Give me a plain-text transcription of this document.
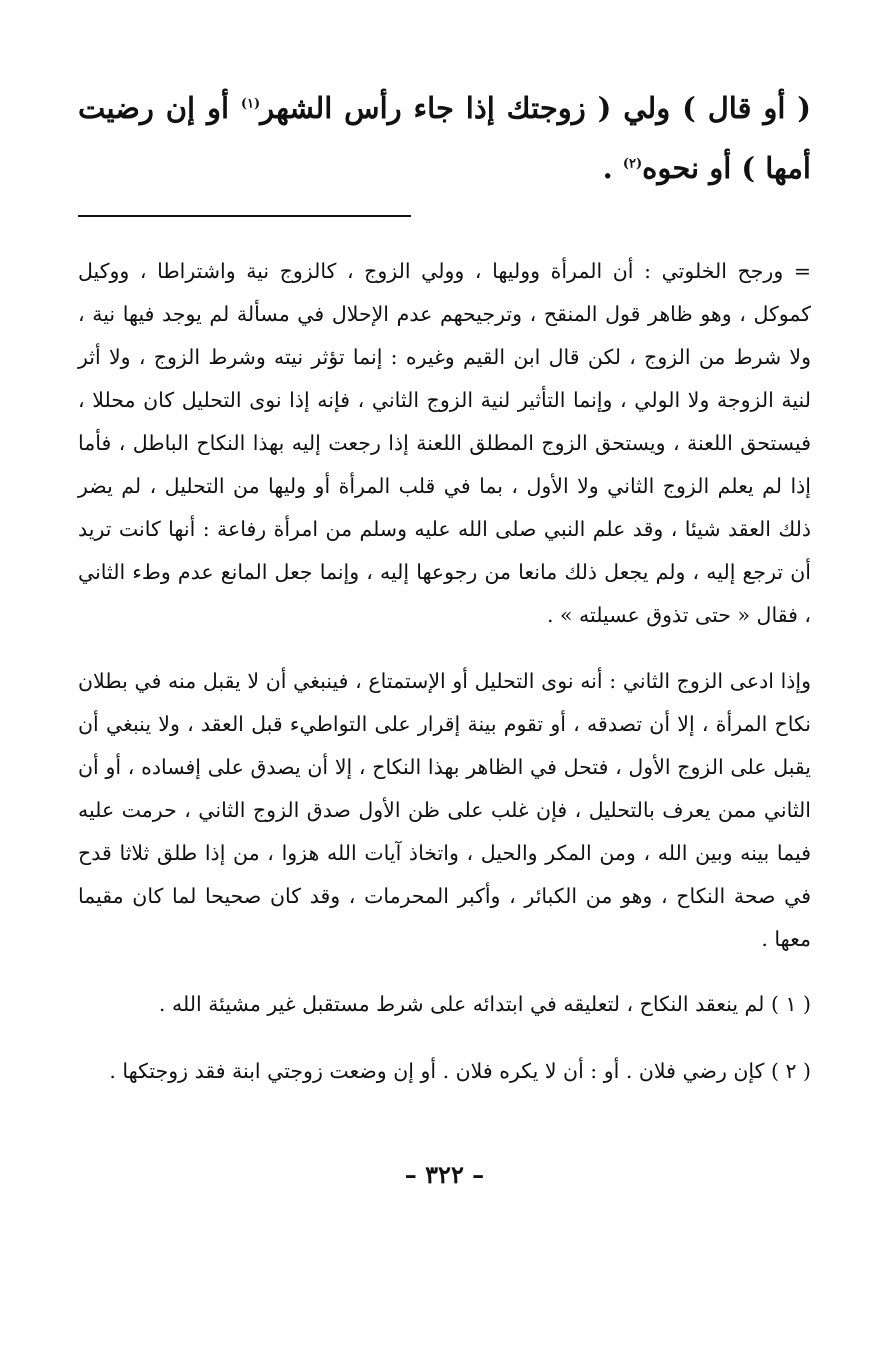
( أو قال ) ولي ( زوجتك إذا جاء رأس الشهر$^{(١)}$ أو إن رضيت أمها ) أو نحوه$^{(٢)}$ .

= ورجح الخلوتي : أن المرأة ووليها ، وولي الزوج ، كالزوج نية واشتراطا ، ووكيل كموكل ، وهو ظاهر قول المنقح ، وترجيحهم عدم الإحلال في مسألة لم يوجد فيها نية ، ولا شرط من الزوج ، لكن قال ابن القيم وغيره : إنما تؤثر نيته وشرط الزوج ، ولا أثر لنية الزوجة ولا الولي ، وإنما التأثير لنية الزوج الثاني ، فإنه إذا نوى التحليل كان محللا ، فيستحق اللعنة ، ويستحق الزوج المطلق اللعنة إذا رجعت إليه بهذا النكاح الباطل ، فأما إذا لم يعلم الزوج الثاني ولا الأول ، بما في قلب المرأة أو وليها من التحليل ، لم يضر ذلك العقد شيئا ، وقد علم النبي صلى الله عليه وسلم من امرأة رفاعة : أنها كانت تريد أن ترجع إليه ، ولم يجعل ذلك مانعا من رجوعها إليه ، وإنما جعل المانع عدم وطء الثاني ، فقال « حتى تذوق عسيلته » .

وإذا ادعى الزوج الثاني : أنه نوى التحليل أو الإستمتاع ، فينبغي أن لا يقبل منه في بطلان نكاح المرأة ، إلا أن تصدقه ، أو تقوم بينة إقرار على التواطيء قبل العقد ، ولا ينبغي أن يقبل على الزوج الأول ، فتحل في الظاهر بهذا النكاح ، إلا أن يصدق على إفساده ، أو أن الثاني ممن يعرف بالتحليل ، فإن غلب على ظن الأول صدق الزوج الثاني ، حرمت عليه فيما بينه وبين الله ، ومن المكر والحيل ، واتخاذ آيات الله هزوا ، من إذا طلق ثلاثا قدح في صحة النكاح ، وهو من الكبائر ، وأكبر المحرمات ، وقد كان صحيحا لما كان مقيما معها .

( ١ ) لم ينعقد النكاح ، لتعليقه في ابتدائه على شرط مستقبل غير مشيئة الله .

( ٢ ) كإن رضي فلان . أو : أن لا يكره فلان . أو إن وضعت زوجتي ابنة فقد زوجتكها .

– ٣٢٢ –
